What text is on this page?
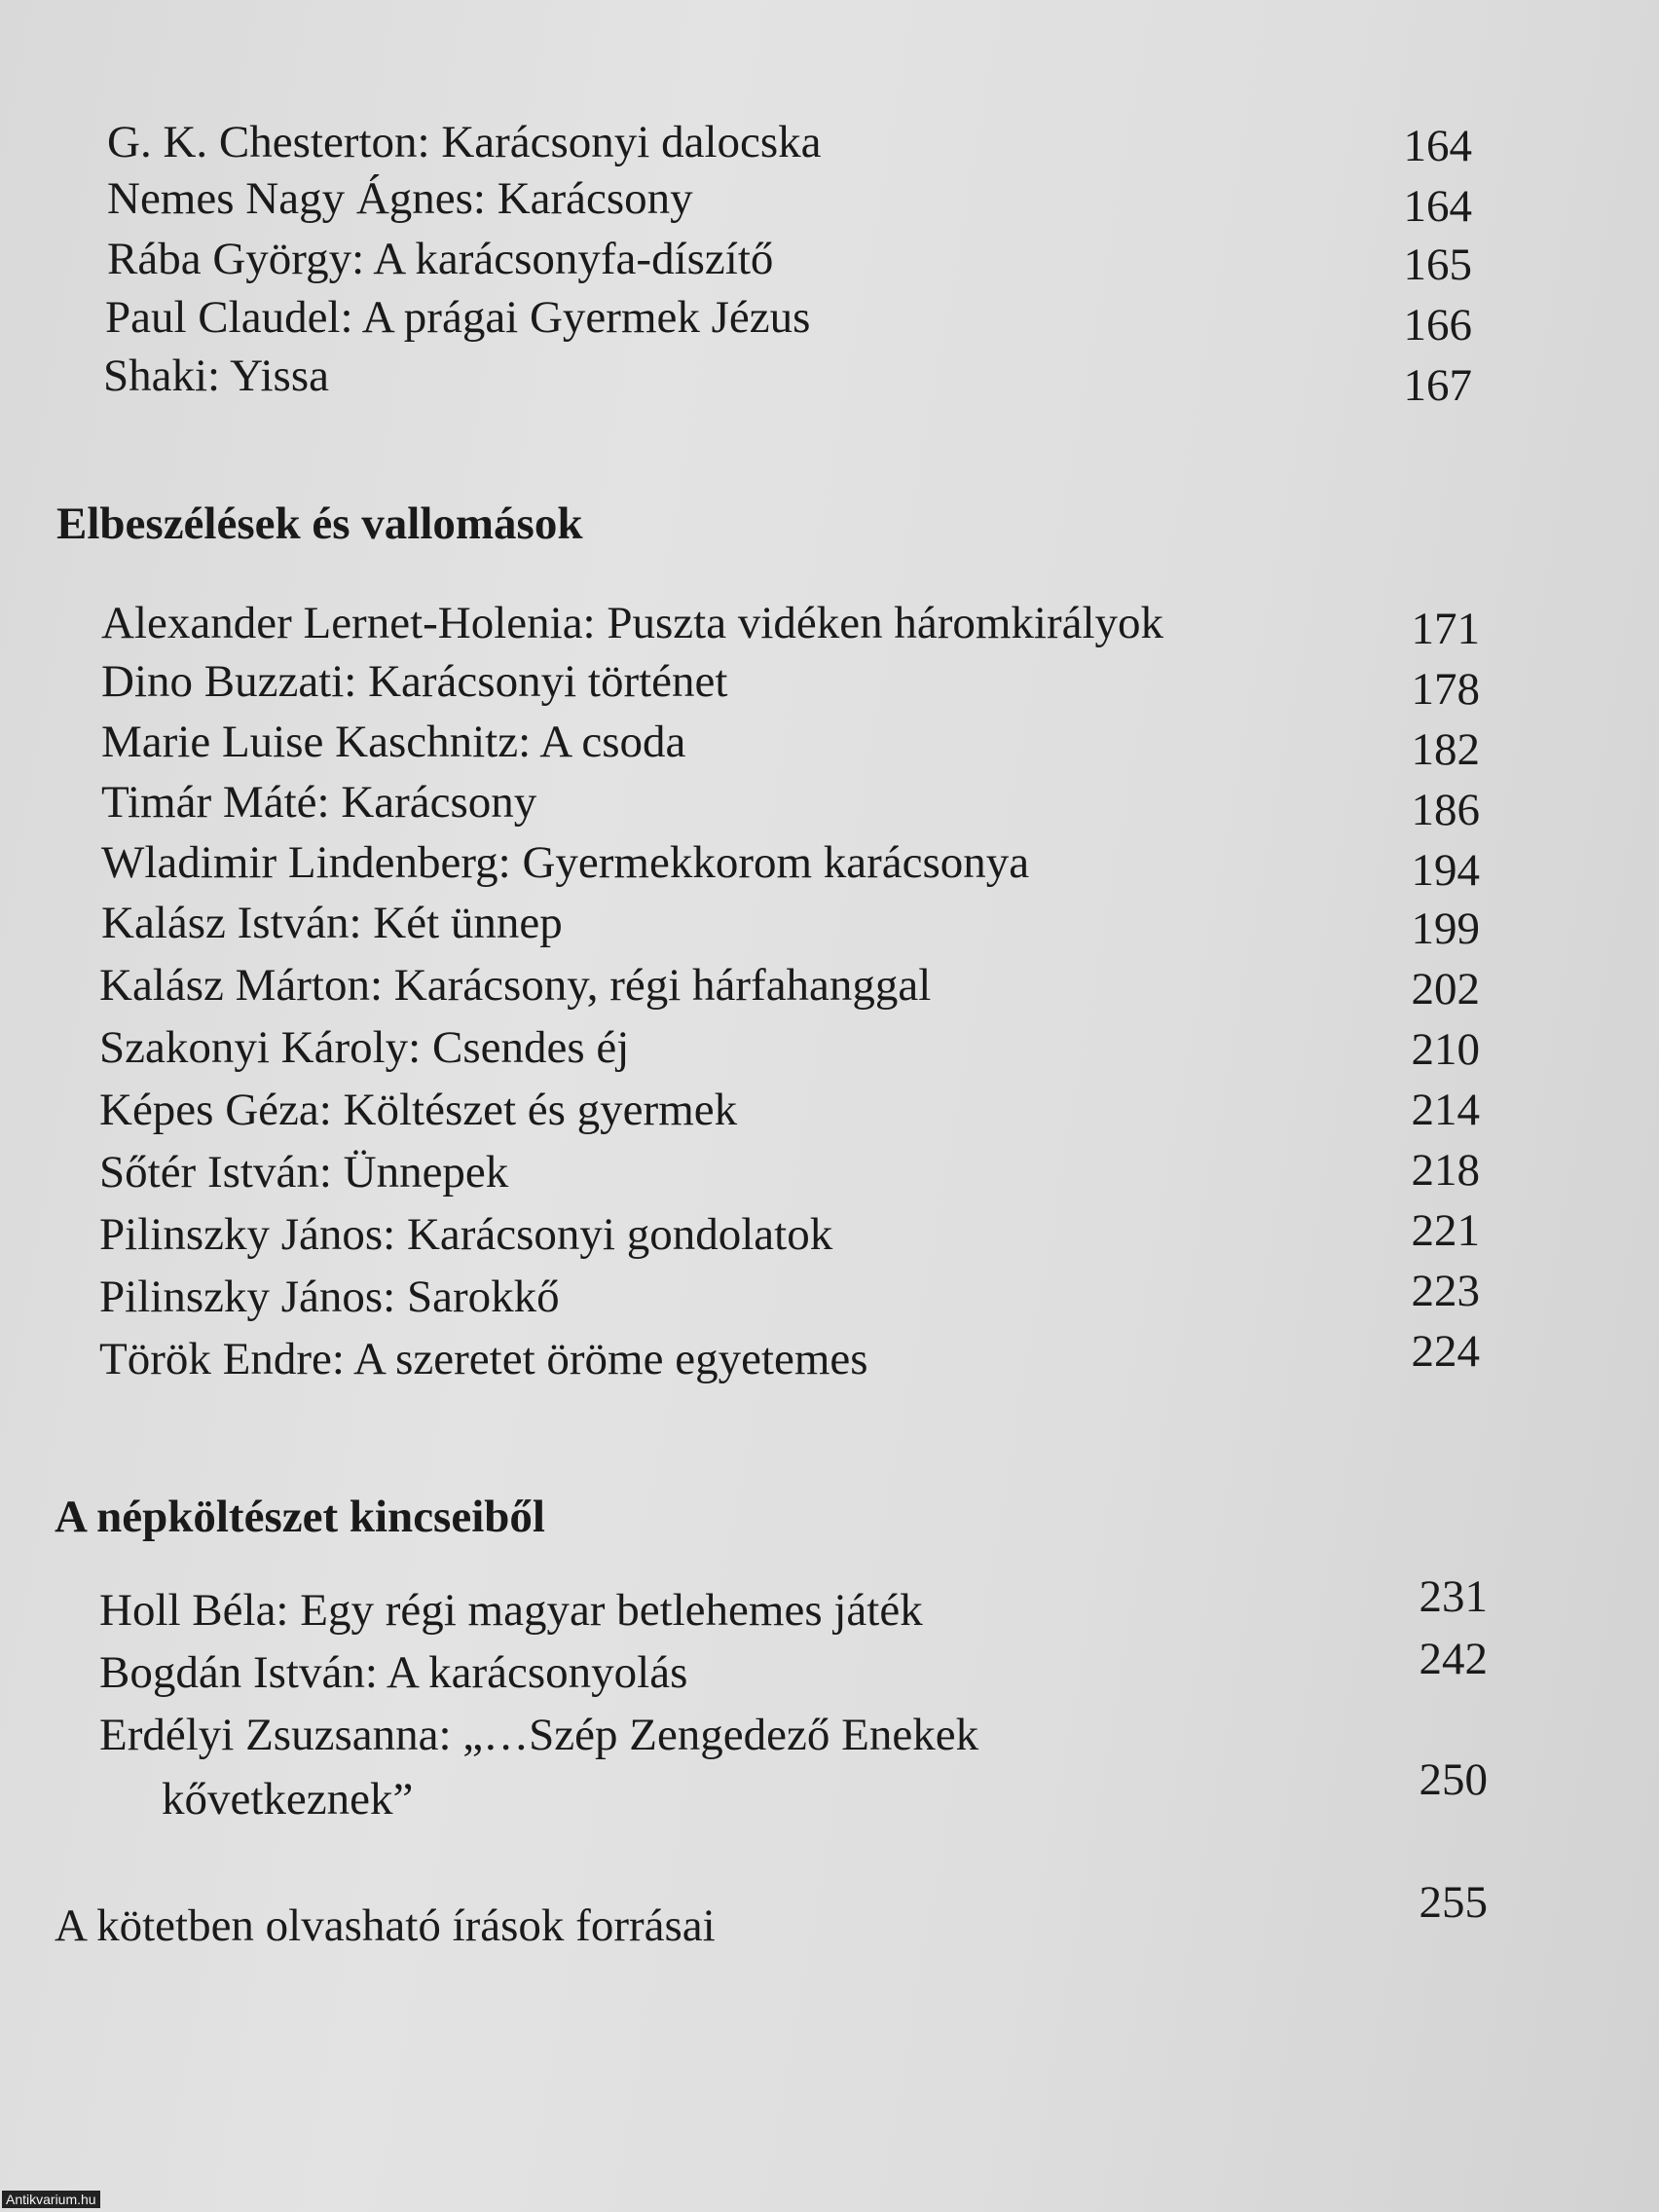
G. K. Chesterton: Karácsonyi dalocska	164
Nemes Nagy Ágnes: Karácsony	164
Rába György: A karácsonyfa-díszítő	165
Paul Claudel: A prágai Gyermek Jézus	166
Shaki: Yissa	167
Elbeszélések és vallomások
Alexander Lernet-Holenia: Puszta vidéken háromkirályok	171
Dino Buzzati: Karácsonyi történet	178
Marie Luise Kaschnitz: A csoda	182
Timár Máté: Karácsony	186
Wladimir Lindenberg: Gyermekkorom karácsonya	194
Kalász István: Két ünnep	199
Kalász Márton: Karácsony, régi hárfahanggal	202
Szakonyi Károly: Csendes éj	210
Képes Géza: Költészet és gyermek	214
Sőtér István: Ünnepek	218
Pilinszky János: Karácsonyi gondolatok	221
Pilinszky János: Sarokkő	223
Török Endre: A szeretet öröme egyetemes	224
A népköltészet kincseiből
Holl Béla: Egy régi magyar betlehemes játék	231
Bogdán István: A karácsonyolás	242
Erdélyi Zsuzsanna: „…Szép Zengedező Enekek
kővetkeznek”	250
A kötetben olvasható írások forrásai	255
Antikvarium.hu
